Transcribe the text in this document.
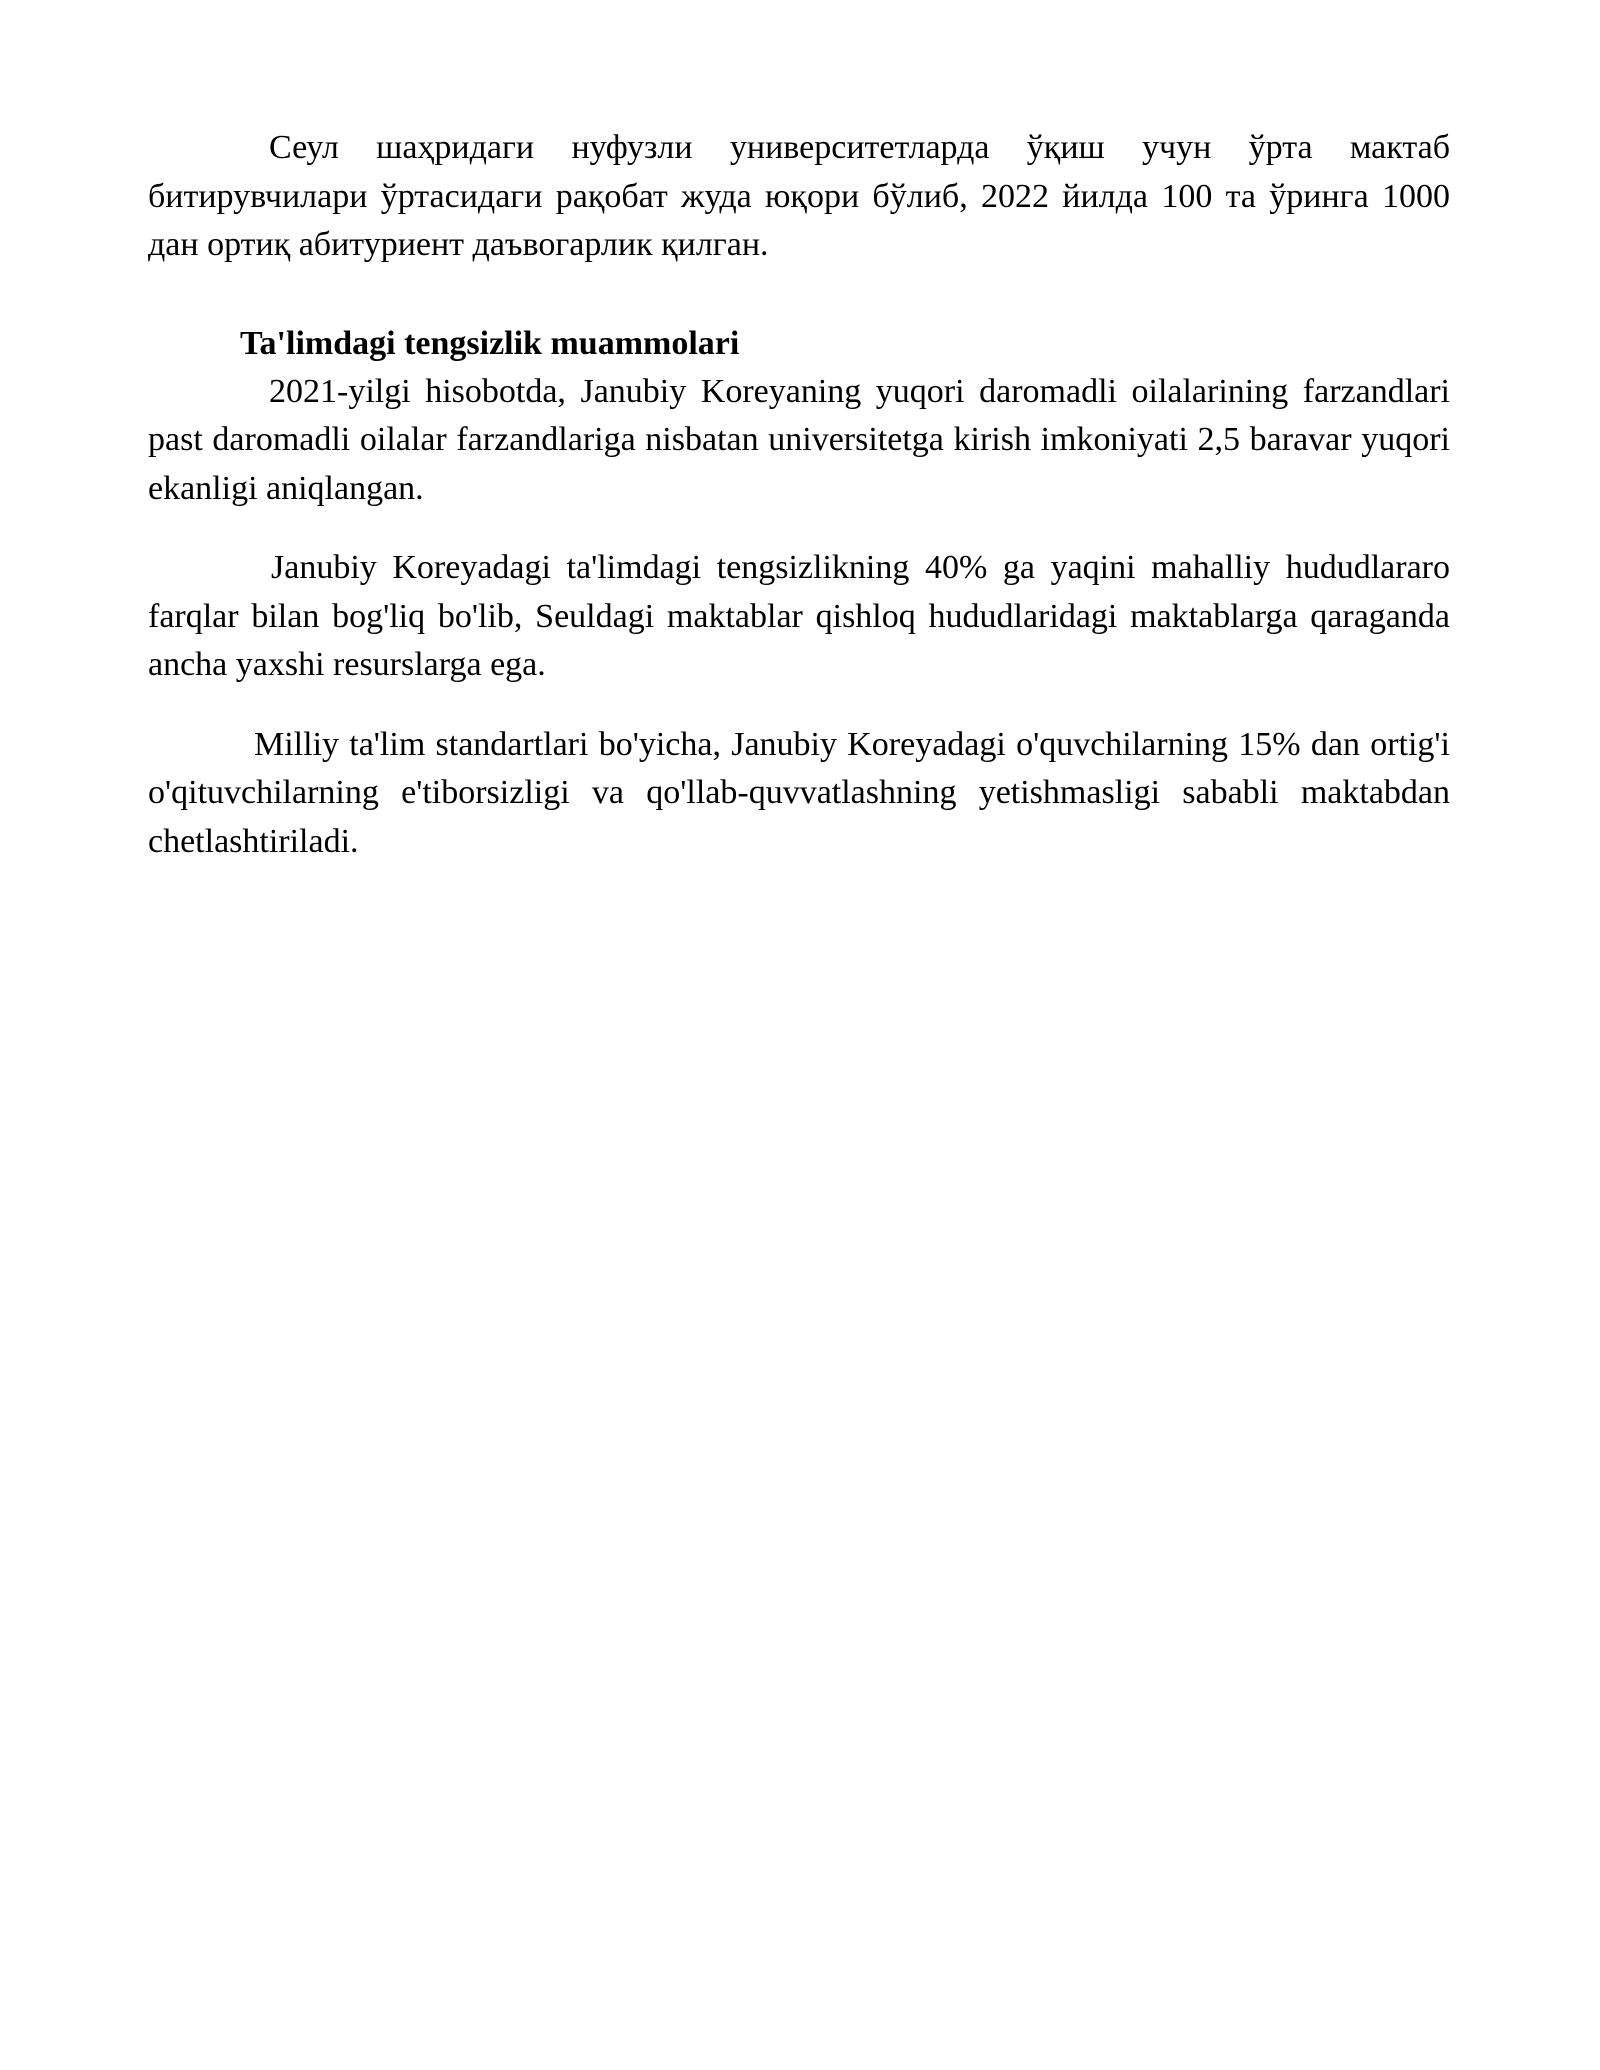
Сеул шаҳридаги нуфузли университетларда ўқиш учун ўрта мактаб битирувчилари ўртасидаги рақобат жуда юқори бўлиб, 2022 йилда 100 та ўринга 1000 дан ортиқ абитуриент даъвогарлик қилган.

Ta'limdagi tengsizlik muammolari

2021-yilgi hisobotda, Janubiy Koreyaning yuqori daromadli oilalarining farzandlari past daromadli oilalar farzandlariga nisbatan universitetga kirish imkoniyati 2,5 baravar yuqori ekanligi aniqlangan.

Janubiy Koreyadagi ta'limdagi tengsizlikning 40% ga yaqini mahalliy hududlararo farqlar bilan bog'liq bo'lib, Seuldagi maktablar qishloq hududlaridagi maktablarga qaraganda ancha yaxshi resurslarga ega.

Milliy ta'lim standartlari bo'yicha, Janubiy Koreyadagi o'quvchilarning 15% dan ortig'i o'qituvchilarning e'tiborsizligi va qo'llab-quvvatlashning yetishmasligi sababli maktabdan chetlashtiriladi.
